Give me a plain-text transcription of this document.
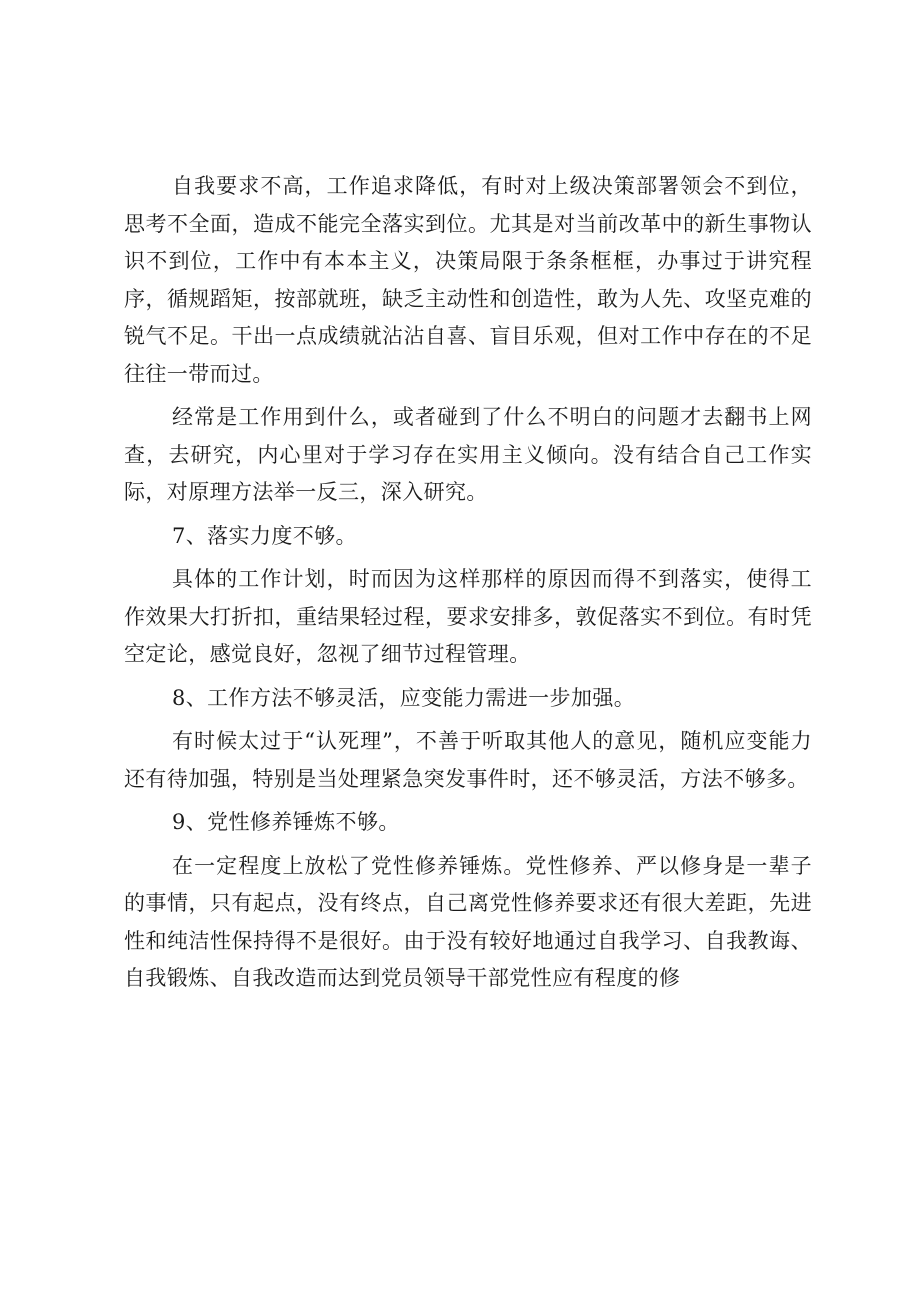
自我要求不高，工作追求降低，有时对上级决策部署领会不到位，思考不全面，造成不能完全落实到位。尤其是对当前改革中的新生事物认识不到位，工作中有本本主义，决策局限于条条框框，办事过于讲究程序，循规蹈矩，按部就班，缺乏主动性和创造性，敢为人先、攻坚克难的锐气不足。干出一点成绩就沾沾自喜、盲目乐观，但对工作中存在的不足往往一带而过。

经常是工作用到什么，或者碰到了什么不明白的问题才去翻书上网查，去研究，内心里对于学习存在实用主义倾向。没有结合自己工作实际，对原理方法举一反三，深入研究。

7、落实力度不够。

具体的工作计划，时而因为这样那样的原因而得不到落实，使得工作效果大打折扣，重结果轻过程，要求安排多，敦促落实不到位。有时凭空定论，感觉良好，忽视了细节过程管理。

8、工作方法不够灵活，应变能力需进一步加强。

有时候太过于“认死理”，不善于听取其他人的意见，随机应变能力还有待加强，特别是当处理紧急突发事件时，还不够灵活，方法不够多。

9、党性修养锤炼不够。

在一定程度上放松了党性修养锤炼。党性修养、严以修身是一辈子的事情，只有起点，没有终点，自己离党性修养要求还有很大差距，先进性和纯洁性保持得不是很好。由于没有较好地通过自我学习、自我教诲、自我锻炼、自我改造而达到党员领导干部党性应有程度的修
